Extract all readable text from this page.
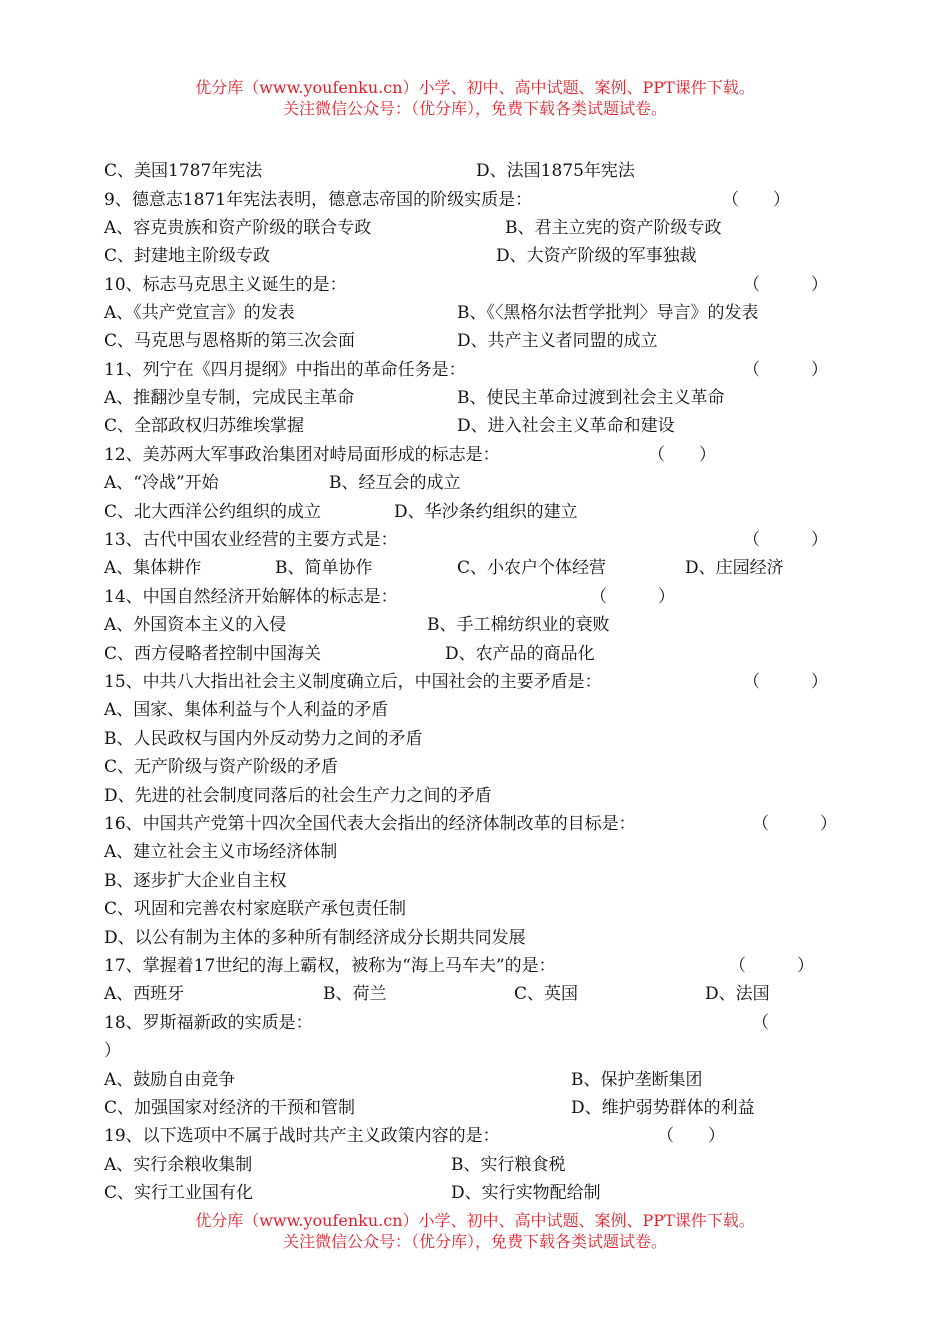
优分库（www.youfenku.cn）小学、初中、高中试题、案例、PPT课件下载。
关注微信公众号：（优分库），免费下载各类试题试卷。
C、美国1787年宪法	D、法国1875年宪法
9、德意志1871年宪法表明，德意志帝国的阶级实质是：	（　　）
A、容克贵族和资产阶级的联合专政	B、君主立宪的资产阶级专政
C、封建地主阶级专政	D、大资产阶级的军事独裁
10、标志马克思主义诞生的是：	（　　　）
A、《共产党宣言》的发表	B、《〈黑格尔法哲学批判〉导言》的发表
C、马克思与恩格斯的第三次会面	D、共产主义者同盟的成立
11、列宁在《四月提纲》中指出的革命任务是：	（　　　）
A、推翻沙皇专制，完成民主革命	B、使民主革命过渡到社会主义革命
C、全部政权归苏维埃掌握	D、进入社会主义革命和建设
12、美苏两大军事政治集团对峙局面形成的标志是：	（　　）
A、“冷战”开始	B、经互会的成立
C、北大西洋公约组织的成立	D、华沙条约组织的建立
13、古代中国农业经营的主要方式是：	（　　　）
A、集体耕作	B、简单协作	C、小农户个体经营	D、庄园经济
14、中国自然经济开始解体的标志是：	（　　　）
A、外国资本主义的入侵	B、手工棉纺织业的衰败
C、西方侵略者控制中国海关	D、农产品的商品化
15、中共八大指出社会主义制度确立后，中国社会的主要矛盾是：	（　　　）
A、国家、集体利益与个人利益的矛盾
B、人民政权与国内外反动势力之间的矛盾
C、无产阶级与资产阶级的矛盾
D、先进的社会制度同落后的社会生产力之间的矛盾
16、中国共产党第十四次全国代表大会指出的经济体制改革的目标是：	（　　　）
A、建立社会主义市场经济体制
B、逐步扩大企业自主权
C、巩固和完善农村家庭联产承包责任制
D、以公有制为主体的多种所有制经济成分长期共同发展
17、掌握着17世纪的海上霸权，被称为“海上马车夫”的是：	（　　　）
A、西班牙	B、荷兰	C、英国	D、法国
18、罗斯福新政的实质是：	（
）
A、鼓励自由竞争	B、保护垄断集团
C、加强国家对经济的干预和管制	D、维护弱势群体的利益
19、以下选项中不属于战时共产主义政策内容的是：	（　　）
A、实行余粮收集制	B、实行粮食税
C、实行工业国有化	D、实行实物配给制
优分库（www.youfenku.cn）小学、初中、高中试题、案例、PPT课件下载。
关注微信公众号：（优分库），免费下载各类试题试卷。
